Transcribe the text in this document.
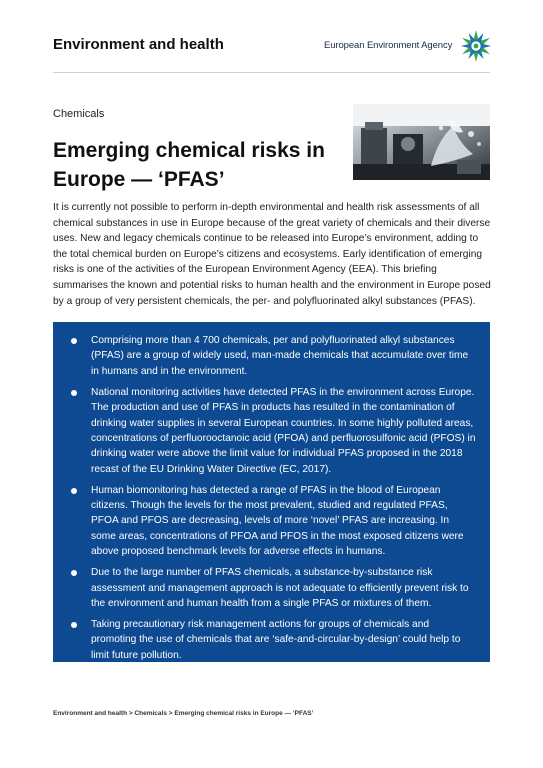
Environment and health	European Environment Agency
Chemicals
Emerging chemical risks in
Europe — ‘PFAS’

It is currently not possible to perform in-depth environmental and health risk assessments of all chemical substances in use in Europe because of the great variety of chemicals and their diverse uses. New and legacy chemicals continue to be released into Europe’s environment, adding to the total chemical burden on Europe’s citizens and ecosystems. Early identification of emerging risks is one of the activities of the European Environment Agency (EEA). This briefing summarises the known and potential risks to human health and the environment in Europe posed by a group of very persistent chemicals, the per- and polyfluorinated alkyl substances (PFAS).

Comprising more than 4 700 chemicals, per and polyfluorinated alkyl substances (PFAS) are a group of widely used, man-made chemicals that accumulate over time in humans and in the environment.
National monitoring activities have detected PFAS in the environment across Europe. The production and use of PFAS in products has resulted in the contamination of drinking water supplies in several European countries. In some highly polluted areas, concentrations of perfluorooctanoic acid (PFOA) and perfluorosulfonic acid (PFOS) in drinking water were above the limit value for individual PFAS proposed in the 2018 recast of the EU Drinking Water Directive (EC, 2017).
Human biomonitoring has detected a range of PFAS in the blood of European citizens. Though the levels for the most prevalent, studied and regulated PFAS, PFOA and PFOS are decreasing, levels of more ‘novel’ PFAS are increasing. In some areas, concentrations of PFOA and PFOS in the most exposed citizens were above proposed benchmark levels for adverse effects in humans.
Due to the large number of PFAS chemicals, a substance-by-substance risk assessment and management approach is not adequate to efficiently prevent risk to the environment and human health from a single PFAS or mixtures of them.
Taking precautionary risk management actions for groups of chemicals and promoting the use of chemicals that are ‘safe-and-circular-by-design’ could help to limit future pollution.
Environment and health > Chemicals > Emerging chemical risks in Europe — ‘PFAS’
